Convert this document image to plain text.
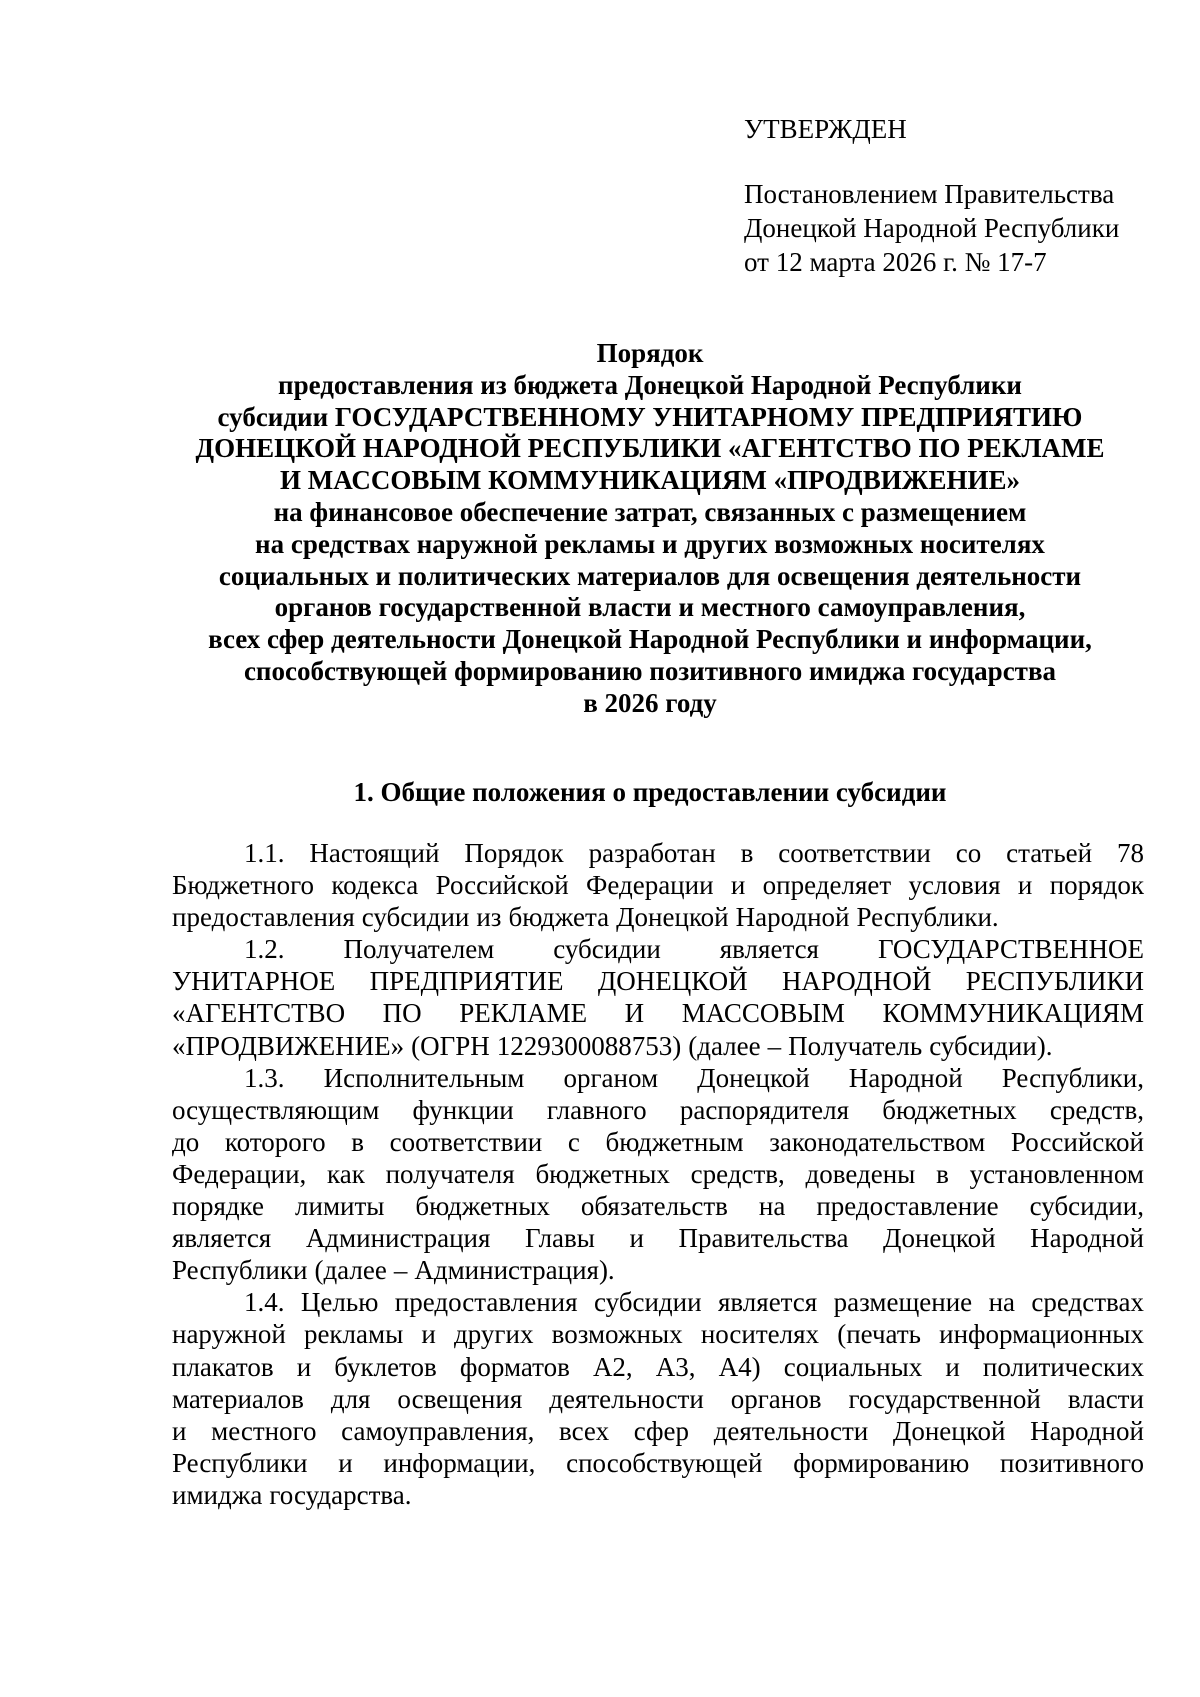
УТВЕРЖДЕН
Постановлением Правительства
Донецкой Народной Республики
от 12 марта 2026 г. № 17-7
Порядок
предоставления из бюджета Донецкой Народной Республики
субсидии ГОСУДАРСТВЕННОМУ УНИТАРНОМУ ПРЕДПРИЯТИЮ
ДОНЕЦКОЙ НАРОДНОЙ РЕСПУБЛИКИ «АГЕНТСТВО ПО РЕКЛАМЕ
И МАССОВЫМ КОММУНИКАЦИЯМ «ПРОДВИЖЕНИЕ»
на финансовое обеспечение затрат, связанных с размещением
на средствах наружной рекламы и других возможных носителях
социальных и политических материалов для освещения деятельности
органов государственной власти и местного самоуправления,
всех сфер деятельности Донецкой Народной Республики и информации,
способствующей формированию позитивного имиджа государства
в 2026 году
1. Общие положения о предоставлении субсидии
1.1. Настоящий Порядок разработан в соответствии со статьей 78
Бюджетного кодекса Российской Федерации и определяет условия и порядок
предоставления субсидии из бюджета Донецкой Народной Республики.
1.2. Получателем субсидии является ГОСУДАРСТВЕННОЕ
УНИТАРНОЕ ПРЕДПРИЯТИЕ ДОНЕЦКОЙ НАРОДНОЙ РЕСПУБЛИКИ
«АГЕНТСТВО ПО РЕКЛАМЕ И МАССОВЫМ КОММУНИКАЦИЯМ
«ПРОДВИЖЕНИЕ» (ОГРН 1229300088753) (далее – Получатель субсидии).
1.3. Исполнительным органом Донецкой Народной Республики,
осуществляющим функции главного распорядителя бюджетных средств,
до которого в соответствии с бюджетным законодательством Российской
Федерации, как получателя бюджетных средств, доведены в установленном
порядке лимиты бюджетных обязательств на предоставление субсидии,
является Администрация Главы и Правительства Донецкой Народной
Республики (далее – Администрация).
1.4. Целью предоставления субсидии является размещение на средствах
наружной рекламы и других возможных носителях (печать информационных
плакатов и буклетов форматов А2, А3, А4) социальных и политических
материалов для освещения деятельности органов государственной власти
и местного самоуправления, всех сфер деятельности Донецкой Народной
Республики и информации, способствующей формированию позитивного
имиджа государства.
